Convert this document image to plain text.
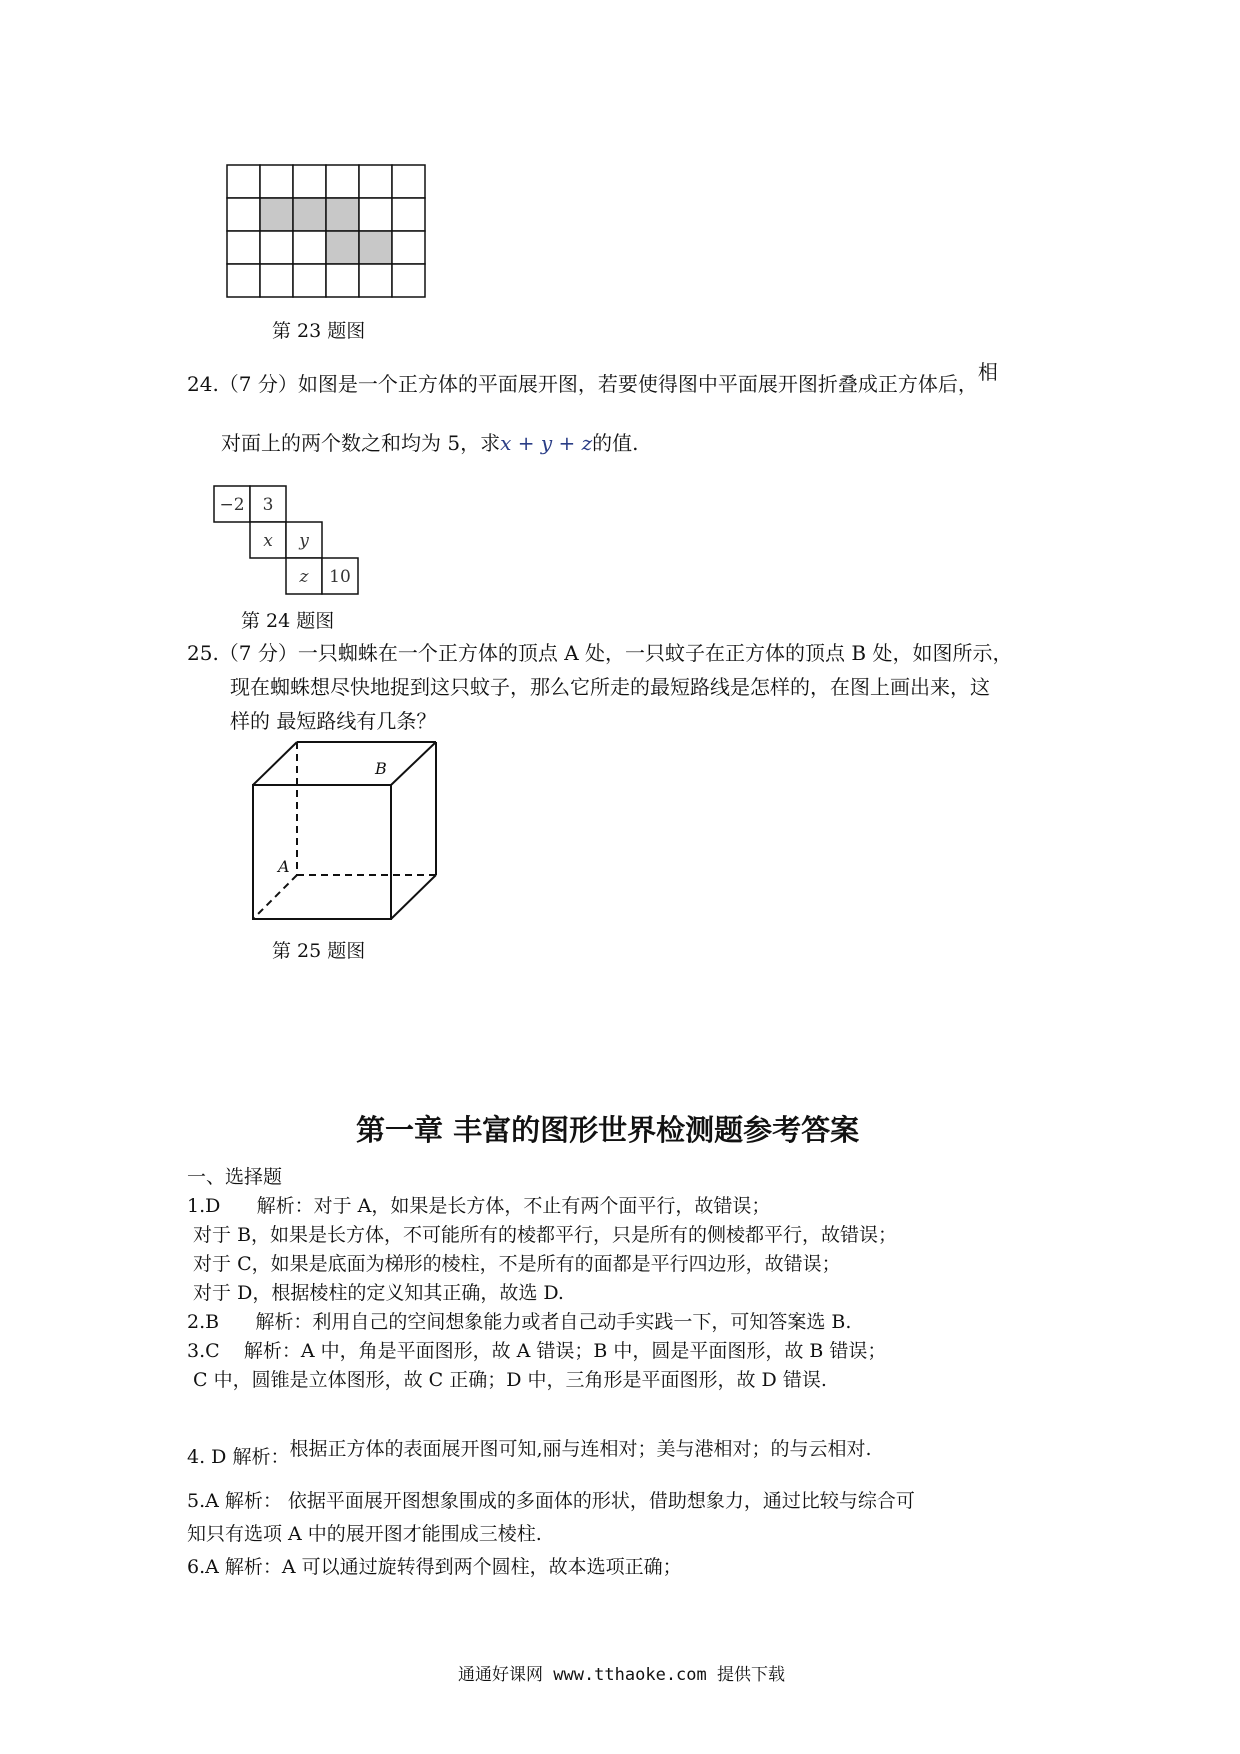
第 23 题图
24.（7 分）如图是一个正方体的平面展开图，若要使得图中平面展开图折叠成正方体后，相
对面上的两个数之和均为 5，求x + y + z的值.
−2 3
x y
z 10
第 24 题图
25.（7 分）一只蜘蛛在一个正方体的顶点 A 处，一只蚊子在正方体的顶点 B 处，如图所示，
现在蜘蛛想尽快地捉到这只蚊子，那么它所走的最短路线是怎样的，在图上画出来，这
样的 最短路线有几条？
B
A
第 25 题图
第一章 丰富的图形世界检测题参考答案
一、选择题
1.D      解析：对于 A，如果是长方体，不止有两个面平行，故错误；
对于 B，如果是长方体，不可能所有的棱都平行，只是所有的侧棱都平行，故错误；
对于 C，如果是底面为梯形的棱柱，不是所有的面都是平行四边形，故错误；
对于 D，根据棱柱的定义知其正确，故选 D.
2.B      解析：利用自己的空间想象能力或者自己动手实践一下，可知答案选 B.
3.C    解析：A 中，角是平面图形，故 A 错误；B 中，圆是平面图形，故 B 错误；
C 中，圆锥是立体图形，故 C 正确；D 中，三角形是平面图形，故 D 错误.
4. D 解析：根据正方体的表面展开图可知,丽与连相对；美与港相对；的与云相对.
5.A 解析： 依据平面展开图想象围成的多面体的形状，借助想象力，通过比较与综合可
知只有选项 A 中的展开图才能围成三棱柱.
6.A 解析：A 可以通过旋转得到两个圆柱，故本选项正确；
通通好课网 www.tthaoke.com 提供下载
